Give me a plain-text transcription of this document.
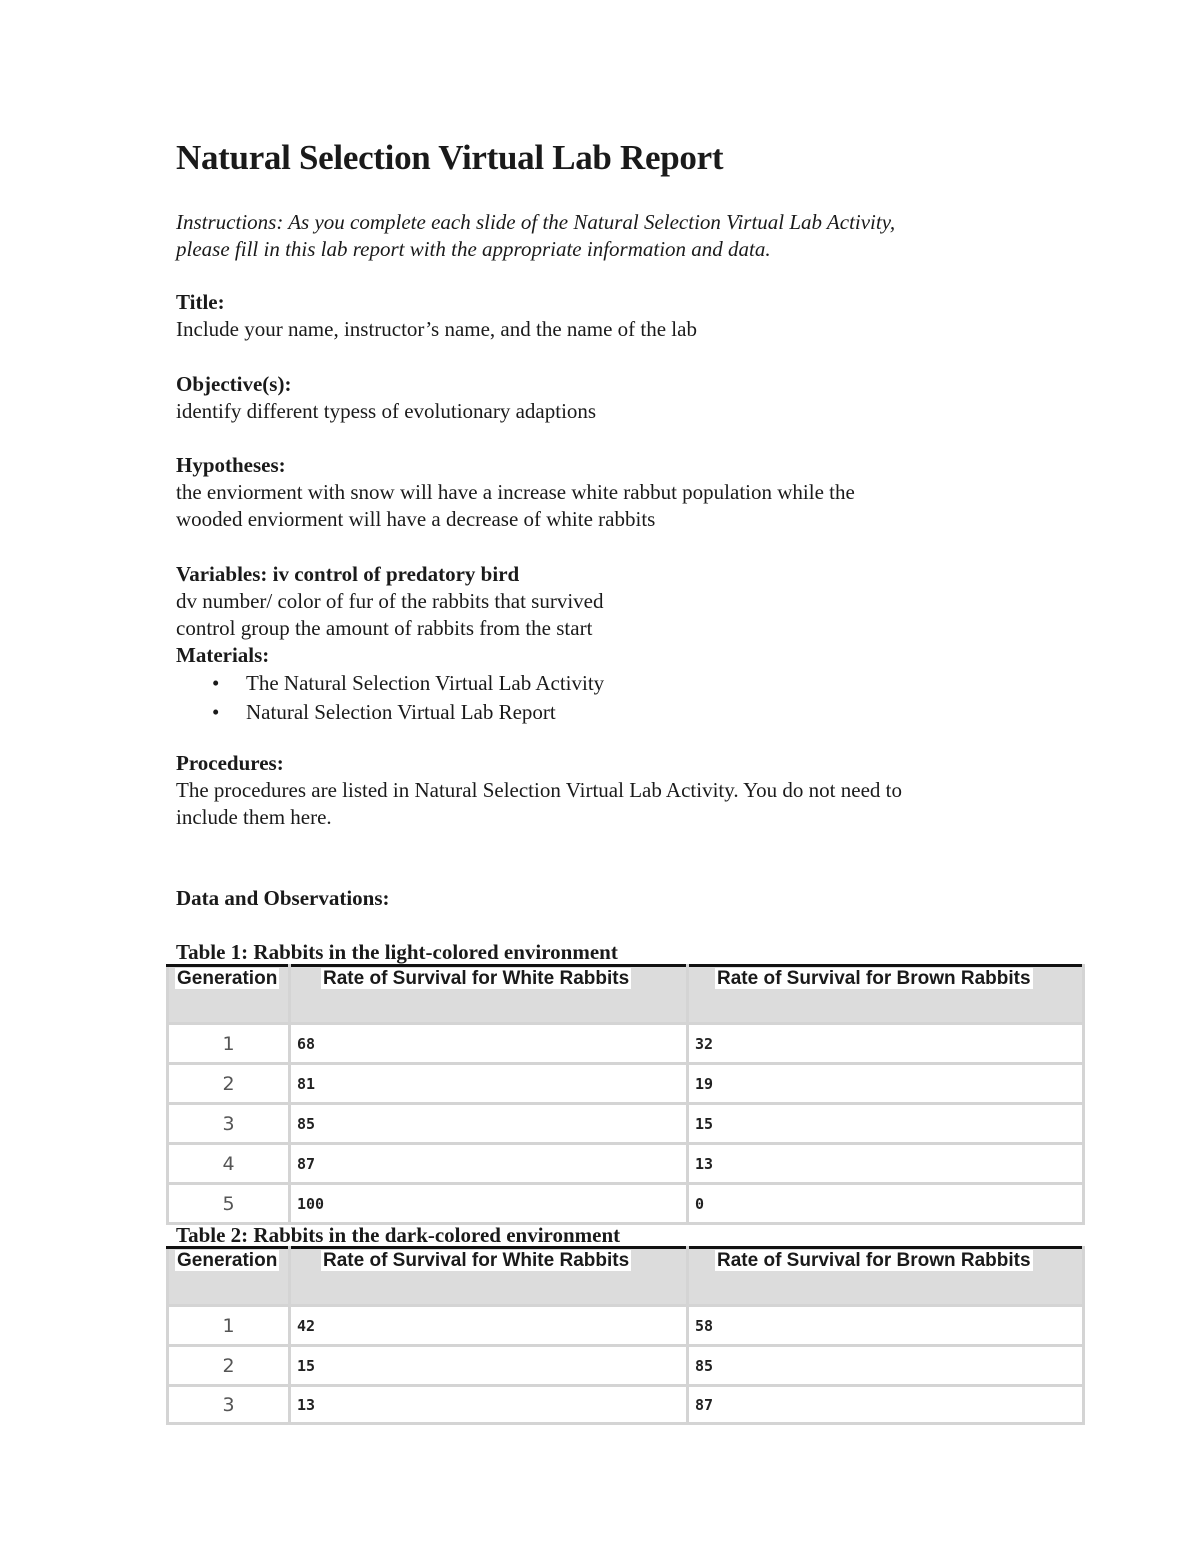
Natural Selection Virtual Lab Report
Instructions: As you complete each slide of the Natural Selection Virtual Lab Activity,
please fill in this lab report with the appropriate information and data.
Title:
Include your name, instructor’s name, and the name of the lab
Objective(s):
identify different typess of evolutionary adaptions
Hypotheses:
the enviorment with snow will have a increase white rabbut population while the
wooded enviorment will have a decrease of white rabbits
Variables: iv control of predatory bird
dv number/ color of fur of the rabbits that survived
control group the amount of rabbits from the start
Materials:
• The Natural Selection Virtual Lab Activity
• Natural Selection Virtual Lab Report
Procedures:
The procedures are listed in Natural Selection Virtual Lab Activity. You do not need to
include them here.
Data and Observations:
Table 1: Rabbits in the light-colored environment
Generation	Rate of Survival for White Rabbits	Rate of Survival for Brown Rabbits
1	68	32
2	81	19
3	85	15
4	87	13
5	100	0
Table 2: Rabbits in the dark-colored environment
Generation	Rate of Survival for White Rabbits	Rate of Survival for Brown Rabbits
1	42	58
2	15	85
3	13	87
